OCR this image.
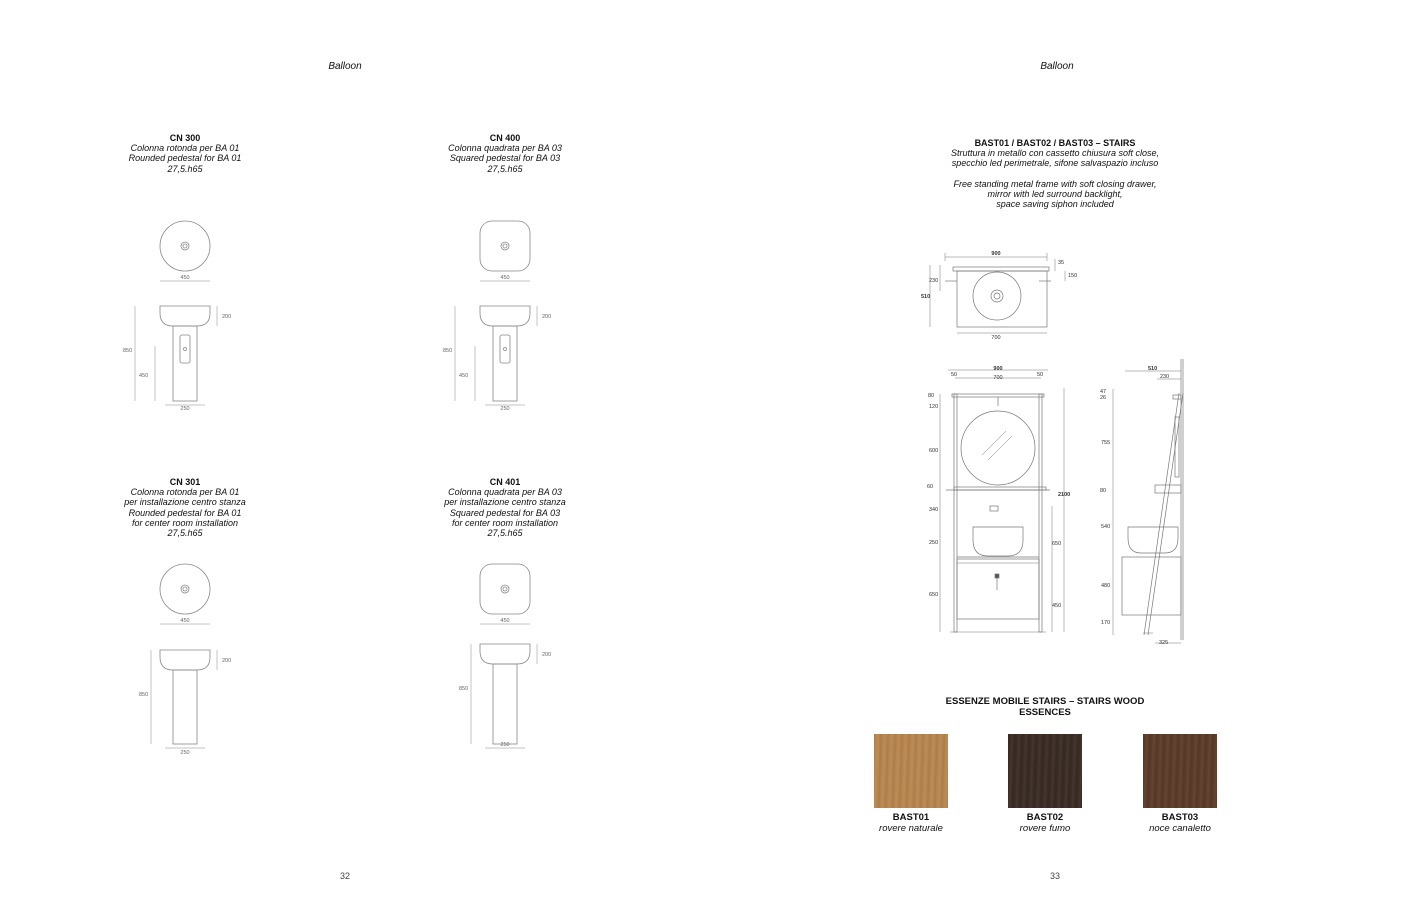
Balloon
CN 300
Colonna rotonda per BA 01
Rounded pedestal for BA 01
27,5.h65
CN 400
Colonna quadrata per BA 03
Squared pedestal for BA 03
27,5.h65
CN 301
Colonna rotonda per BA 01
per installazione centro stanza
Rounded pedestal for BA 01
for center room installation
27,5.h65
CN 401
Colonna quadrata per BA 03
per installazione centro stanza
Squared pedestal for BA 03
for center room installation
27,5.h65
450
850
450
200
250
450
850
450
200
250
450
850
200
250
450
850
200
250
32
Balloon
BAST01 / BAST02 / BAST03 – STAIRS
Struttura in metallo con cassetto chiusura soft close,
specchio led perimetrale, sifone salvaspazio incluso
Free standing metal frame with soft closing drawer,
mirror with led surround backlight,
space saving siphon included
900
700
510
230
35
150
900
700
50	50
80
120
600
60
340
250
650
2100
650
450
510
230
47
26
755
80
540
480
170
325
ESSENZE MOBILE STAIRS – STAIRS WOOD ESSENCES
BAST01
rovere naturale
BAST02
rovere fumo
BAST03
noce canaletto
33
